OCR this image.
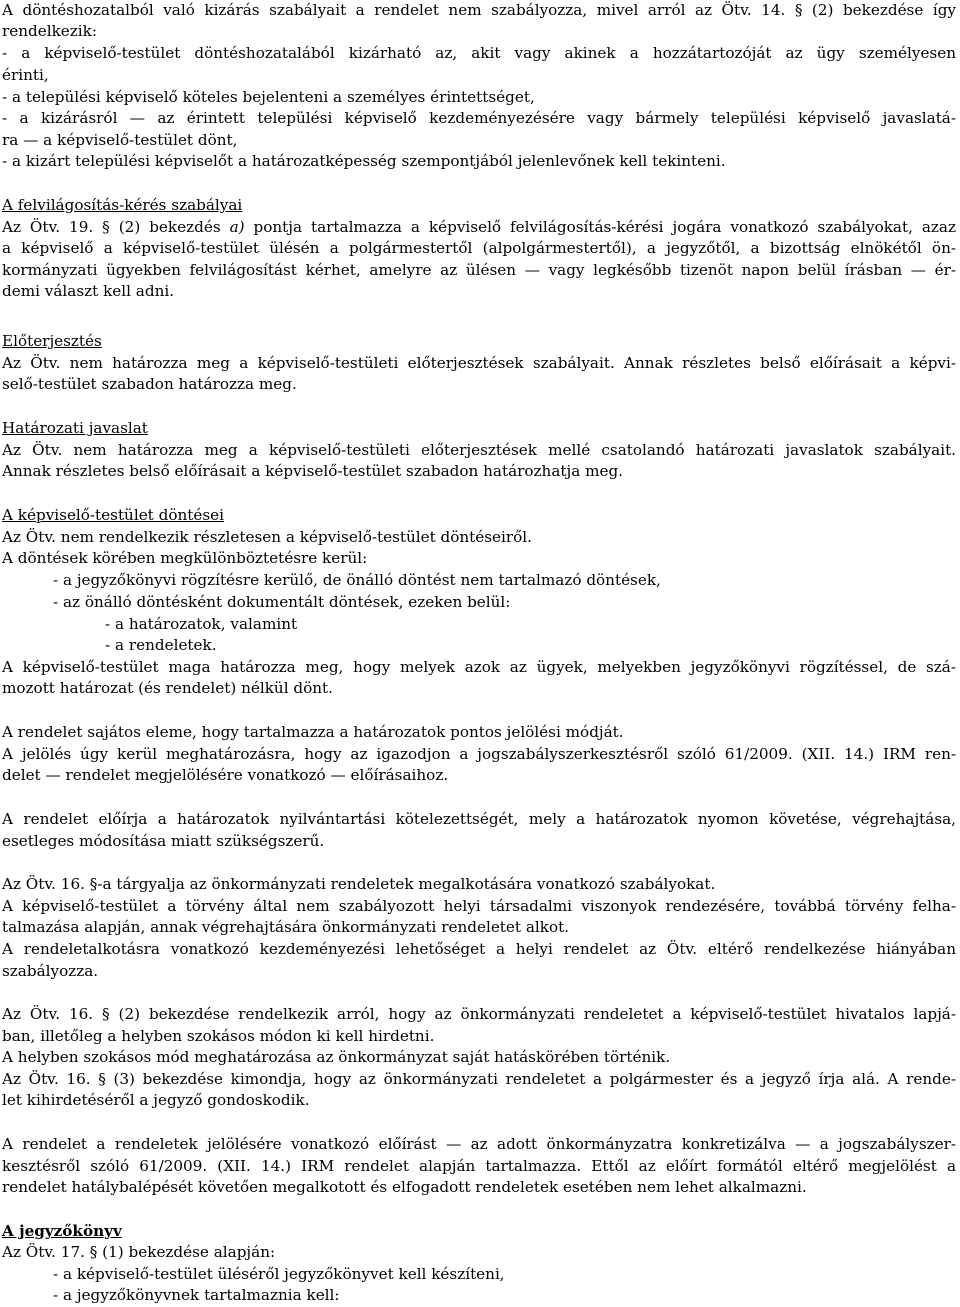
A döntéshozatalból való kizárás szabályait a rendelet nem szabályozza, mivel arról az Ötv. 14. § (2) bekezdése így
rendelkezik:
- a képviselő-testület döntéshozatalából kizárható az, akit vagy akinek a hozzátartozóját az ügy személyesen
érinti,
- a települési képviselő köteles bejelenteni a személyes érintettséget,
- a kizárásról — az érintett települési képviselő kezdeményezésére vagy bármely települési képviselő javaslatá-
ra — a képviselő-testület dönt,
- a kizárt települési képviselőt a határozatképesség szempontjából jelenlevőnek kell tekinteni.
A felvilágosítás-kérés szabályai
Az Ötv. 19. § (2) bekezdés a) pontja tartalmazza a képviselő felvilágosítás-kérési jogára vonatkozó szabályokat, azaz
a képviselő a képviselő-testület ülésén a polgármestertől (alpolgármestertől), a jegyzőtől, a bizottság elnökétől ön-
kormányzati ügyekben felvilágosítást kérhet, amelyre az ülésen — vagy legkésőbb tizenöt napon belül írásban — ér-
demi választ kell adni.
Előterjesztés
Az Ötv. nem határozza meg a képviselő-testületi előterjesztések szabályait. Annak részletes belső előírásait a képvi-
selő-testület szabadon határozza meg.
Határozati javaslat
Az Ötv. nem határozza meg a képviselő-testületi előterjesztések mellé csatolandó határozati javaslatok szabályait.
Annak részletes belső előírásait a képviselő-testület szabadon határozhatja meg.
A képviselő-testület döntései
Az Ötv. nem rendelkezik részletesen a képviselő-testület döntéseiről.
A döntések körében megkülönböztetésre kerül:
- a jegyzőkönyvi rögzítésre kerülő, de önálló döntést nem tartalmazó döntések,
- az önálló döntésként dokumentált döntések, ezeken belül:
- a határozatok, valamint
- a rendeletek.
A képviselő-testület maga határozza meg, hogy melyek azok az ügyek, melyekben jegyzőkönyvi rögzítéssel, de szá-
mozott határozat (és rendelet) nélkül dönt.
A rendelet sajátos eleme, hogy tartalmazza a határozatok pontos jelölési módját.
A jelölés úgy kerül meghatározásra, hogy az igazodjon a jogszabályszerkesztésről szóló 61/2009. (XII. 14.) IRM ren-
delet — rendelet megjelölésére vonatkozó — előírásaihoz.
A rendelet előírja a határozatok nyilvántartási kötelezettségét, mely a határozatok nyomon követése, végrehajtása,
esetleges módosítása miatt szükségszerű.
Az Ötv. 16. §-a tárgyalja az önkormányzati rendeletek megalkotására vonatkozó szabályokat.
A képviselő-testület a törvény által nem szabályozott helyi társadalmi viszonyok rendezésére, továbbá törvény felha-
talmazása alapján, annak végrehajtására önkormányzati rendeletet alkot.
A rendeletalkotásra vonatkozó kezdeményezési lehetőséget a helyi rendelet az Ötv. eltérő rendelkezése hiányában
szabályozza.
Az Ötv. 16. § (2) bekezdése rendelkezik arról, hogy az önkormányzati rendeletet a képviselő-testület hivatalos lapjá-
ban, illetőleg a helyben szokásos módon ki kell hirdetni.
A helyben szokásos mód meghatározása az önkormányzat saját hatáskörében történik.
Az Ötv. 16. § (3) bekezdése kimondja, hogy az önkormányzati rendeletet a polgármester és a jegyző írja alá. A rende-
let kihirdetéséről a jegyző gondoskodik.
A rendelet a rendeletek jelölésére vonatkozó előírást — az adott önkormányzatra konkretizálva — a jogszabályszer-
kesztésről szóló 61/2009. (XII. 14.) IRM rendelet alapján tartalmazza. Ettől az előírt formától eltérő megjelölést a
rendelet hatálybalépését követően megalkotott és elfogadott rendeletek esetében nem lehet alkalmazni.
A jegyzőkönyv
Az Ötv. 17. § (1) bekezdése alapján:
- a képviselő-testület üléséről jegyzőkönyvet kell készíteni,
- a jegyzőkönyvnek tartalmaznia kell:
